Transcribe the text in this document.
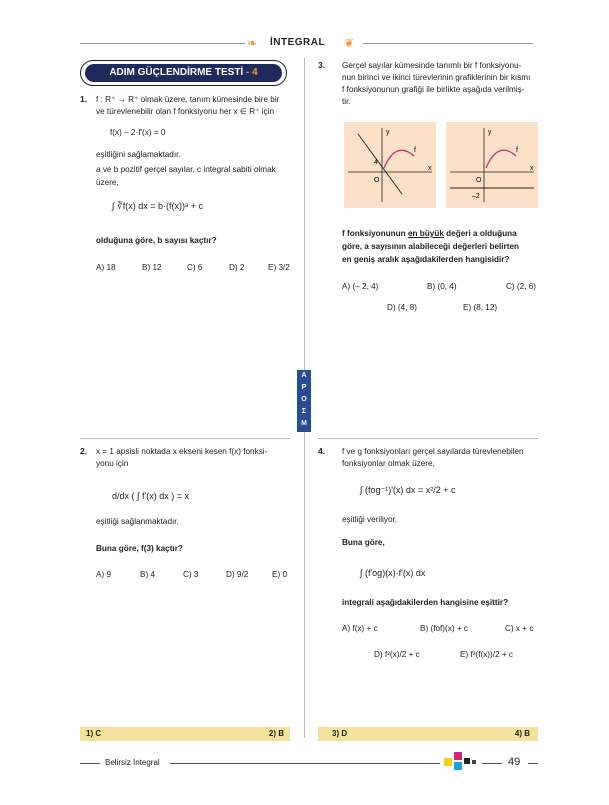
❧ İNTEGRAL ❦
ADIM GÜÇLENDİRME TESTİ - 4
1. f : R⁺ → R⁺ olmak üzere, tanım kümesinde bire bir
ve türevlenebilir olan f fonksiyonu her x ∈ R⁺ için
f(x) – 2·f'(x) = 0
eşitliğini sağlamaktadır.
a ve b pozitif gerçel sayılar, c integral sabiti olmak
üzere,
∫ ∛f(x) dx = b·(f(x))ᵃ + c
olduğuna göre, b sayısı kaçtır?
A) 18	B) 12	C) 6	D) 2	E) 3/2
3. Gerçel sayılar kümesinde tanımlı bir f fonksiyonu-
nun birinci ve ikinci türevlerinin grafiklerinin bir kısmı
f fonksiyonunun grafiği ile birlikte aşağıda verilmiş-
tir.
y
x
O
f
4
y
x
O
f
–2
f fonksiyonunun en büyük değeri a olduğuna
göre, a sayısının alabileceği değerleri belirten
en geniş aralık aşağıdakilerden hangisidir?
A) (– 2, 4)	B) (0, 4)	C) (2, 6)
D) (4, 8)	E) (8, 12)
A
P
O
Σ
M
2. x = 1 apsisli noktada x ekseni kesen f(x) fonksi-
yonu için
d/dx ( ∫ f'(x) dx ) = x
eşitliği sağlanmaktadır.
Buna göre, f(3) kaçtır?
A) 9	B) 4	C) 3	D) 9/2	E) 0
4. f ve g fonksiyonları gerçel sayılarda türevlenebilen
fonksiyonlar olmak üzere,
∫ (fog⁻¹)'(x) dx = x²/2 + c
eşitliği veriliyor.
Buna göre,
∫ (f'og)(x)·f'(x) dx
integrali aşağıdakilerden hangisine eşittir?
A) f(x) + c	B) (fof)(x) + c	C) x + c
D) f²(x)/2 + c	E) f²(f(x))/2 + c
1) C	2) B	3) D	4) B
Belirsiz İntegral	49
